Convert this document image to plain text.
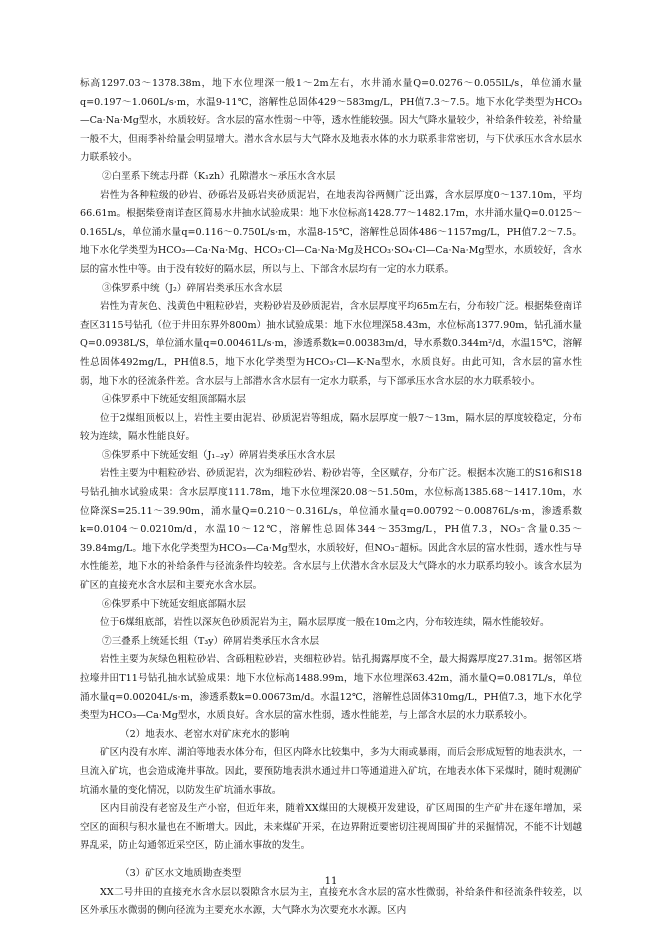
标高1297.03～1378.38m，地下水位埋深一般1～2m左右，水井涌水量Q=0.0276～0.055lL/s，单位涌水量q=0.197～1.060L/s·m，水温9-11℃，溶解性总固体429～583mg/L，PH值7.3～7.5。地下水化学类型为HCO₃—Ca·Na·Mg型水，水质较好。含水层的富水性弱～中等，透水性能较强。因大气降水量较少，补给条件较差，补给量一般不大，但雨季补给量会明显增大。潜水含水层与大气降水及地表水体的水力联系非常密切，与下伏承压水含水层水力联系较小。

②白垩系下统志丹群（K₁zh）孔隙潜水～承压水含水层

岩性为各种粒级的砂岩、砂砾岩及砾岩夹砂质泥岩，在地表沟谷两侧广泛出露，含水层厚度0～137.10m，平均66.61m。根据柴登南详查区简易水井抽水试验成果：地下水位标高1428.77～1482.17m，水井涌水量Q=0.0125～0.165L/s，单位涌水量q=0.116～0.750L/s·m，水温8-15℃，溶解性总固体486～1157mg/L，PH值7.2～7.5。地下水化学类型为HCO₃—Ca·Na·Mg、HCO₃·Cl—Ca·Na·Mg及HCO₃·SO₄·Cl—Ca·Na·Mg型水，水质较好，含水层的富水性中等。由于没有较好的隔水层，所以与上、下部含水层均有一定的水力联系。

③侏罗系中统（J₂）碎屑岩类承压水含水层

岩性为青灰色、浅黄色中粗粒砂岩，夹粉砂岩及砂质泥岩，含水层厚度平均65m左右，分布较广泛。根据柴登南详查区3115号钻孔（位于井田东界外800m）抽水试验成果：地下水位埋深58.43m，水位标高1377.90m，钻孔涌水量Q=0.0938L/S，单位涌水量q=0.00461L/s·m，渗透系数k=0.00383m/d，导水系数0.344m²/d，水温15℃，溶解性总固体492mg/L，PH值8.5，地下水化学类型为HCO₃·Cl—K·Na型水，水质良好。由此可知，含水层的富水性弱，地下水的径流条件差。含水层与上部潜水含水层有一定水力联系，与下部承压水含水层的水力联系较小。

④侏罗系中下统延安组顶部隔水层

位于2煤组顶板以上，岩性主要由泥岩、砂质泥岩等组成，隔水层厚度一般7～13m，隔水层的厚度较稳定，分布较为连续，隔水性能良好。

⑤侏罗系中下统延安组（J₁₋₂y）碎屑岩类承压水含水层

岩性主要为中粗粒砂岩、砂质泥岩，次为细粒砂岩、粉砂岩等，全区赋存，分布广泛。根据本次施工的S16和S18号钻孔抽水试验成果：含水层厚度111.78m，地下水位埋深20.08～51.50m，水位标高1385.68～1417.10m，水位降深S=25.11～39.90m，涌水量Q=0.210～0.316L/s，单位涌水量q=0.00792～0.00876L/s·m，渗透系数k=0.0104～0.0210m/d，水温10～12℃，溶解性总固体344～353mg/L，PH值7.3，NO₃⁻含量0.35～39.84mg/L。地下水化学类型为HCO₃—Ca·Mg型水，水质较好，但NO₃⁻超标。因此含水层的富水性弱，透水性与导水性能差，地下水的补给条件与径流条件均较差。含水层与上伏潜水含水层及大气降水的水力联系均较小。该含水层为矿区的直接充水含水层和主要充水含水层。

⑥侏罗系中下统延安组底部隔水层

位于6煤组底部，岩性以深灰色砂质泥岩为主，隔水层厚度一般在10m之内，分布较连续，隔水性能较好。

⑦三叠系上统延长组（T₃y）碎屑岩类承压水含水层

岩性主要为灰绿色粗粒砂岩、含砾粗粒砂岩，夹细粒砂岩。钻孔揭露厚度不全，最大揭露厚度27.31m。据邻区塔拉壕井田T11号钻孔抽水试验成果：地下水位标高1488.99m，地下水位埋深63.42m，涌水量Q=0.0817L/s，单位涌水量q=0.00204L/s·m，渗透系数k=0.00673m/d。水温12℃，溶解性总固体310mg/L，PH值7.3，地下水化学类型为HCO₃—Ca·Mg型水，水质良好。含水层的富水性弱，透水性能差，与上部含水层的水力联系较小。

（2）地表水、老窑水对矿床充水的影响

矿区内没有水库、湖泊等地表水体分布，但区内降水比较集中，多为大雨或暴雨，而后会形成短暂的地表洪水，一旦流入矿坑，也会造成淹井事故。因此，要预防地表洪水通过井口等通道进入矿坑，在地表水体下采煤时，随时观测矿坑涌水量的变化情况，以防发生矿坑涌水事故。

区内目前没有老窑及生产小窑，但近年来，随着XX煤田的大规模开发建设，矿区周围的生产矿井在逐年增加，采空区的面积与积水量也在不断增大。因此，未来煤矿开采，在边界附近要密切注视周围矿井的采掘情况，不能不计划越界乱采，防止勾通邻近采空区，防止涌水事故的发生。

（3）矿区水文地质勘查类型

XX二号井田的直接充水含水层以裂隙含水层为主，直接充水含水层的富水性微弱，补给条件和径流条件较差，以区外承压水微弱的侧向径流为主要充水水源，大气降水为次要充水水源。区内

11
